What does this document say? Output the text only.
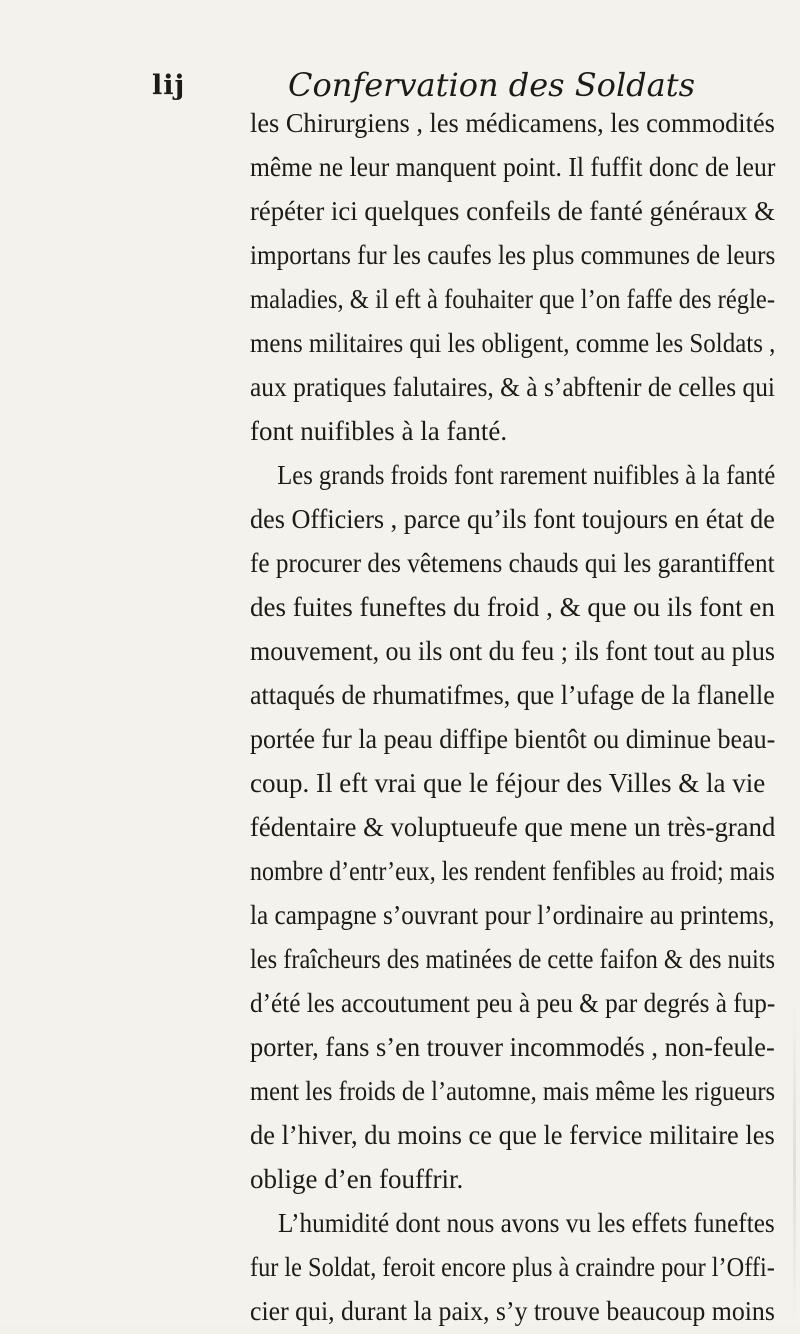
lij	Confervation des Soldats
les Chirurgiens , les médicamens, les commodités
même ne leur manquent point. Il fuffit donc de leur
répéter ici quelques confeils de fanté généraux &
importans fur les caufes les plus communes de leurs
maladies, & il eft à fouhaiter que l’on faffe des régle-
mens militaires qui les obligent, comme les Soldats ,
aux pratiques falutaires, & à s’abftenir de celles qui
font nuifibles à la fanté.
Les grands froids font rarement nuifibles à la fanté
des Officiers , parce qu’ils font toujours en état de
fe procurer des vêtemens chauds qui les garantiffent
des fuites funeftes du froid , & que ou ils font en
mouvement, ou ils ont du feu ; ils font tout au plus
attaqués de rhumatifmes, que l’ufage de la flanelle
portée fur la peau diffipe bientôt ou diminue beau-
coup. Il eft vrai que le féjour des Villes & la vie
fédentaire & voluptueufe que mene un très-grand
nombre d’entr’eux, les rendent fenfibles au froid; mais
la campagne s’ouvrant pour l’ordinaire au printems,
les fraîcheurs des matinées de cette faifon & des nuits
d’été les accoutument peu à peu & par degrés à fup-
porter, fans s’en trouver incommodés , non-feule-
ment les froids de l’automne, mais même les rigueurs
de l’hiver, du moins ce que le fervice militaire les
oblige d’en fouffrir.
L’humidité dont nous avons vu les effets funeftes
fur le Soldat, feroit encore plus à craindre pour l’Offi-
cier qui, durant la paix, s’y trouve beaucoup moins
